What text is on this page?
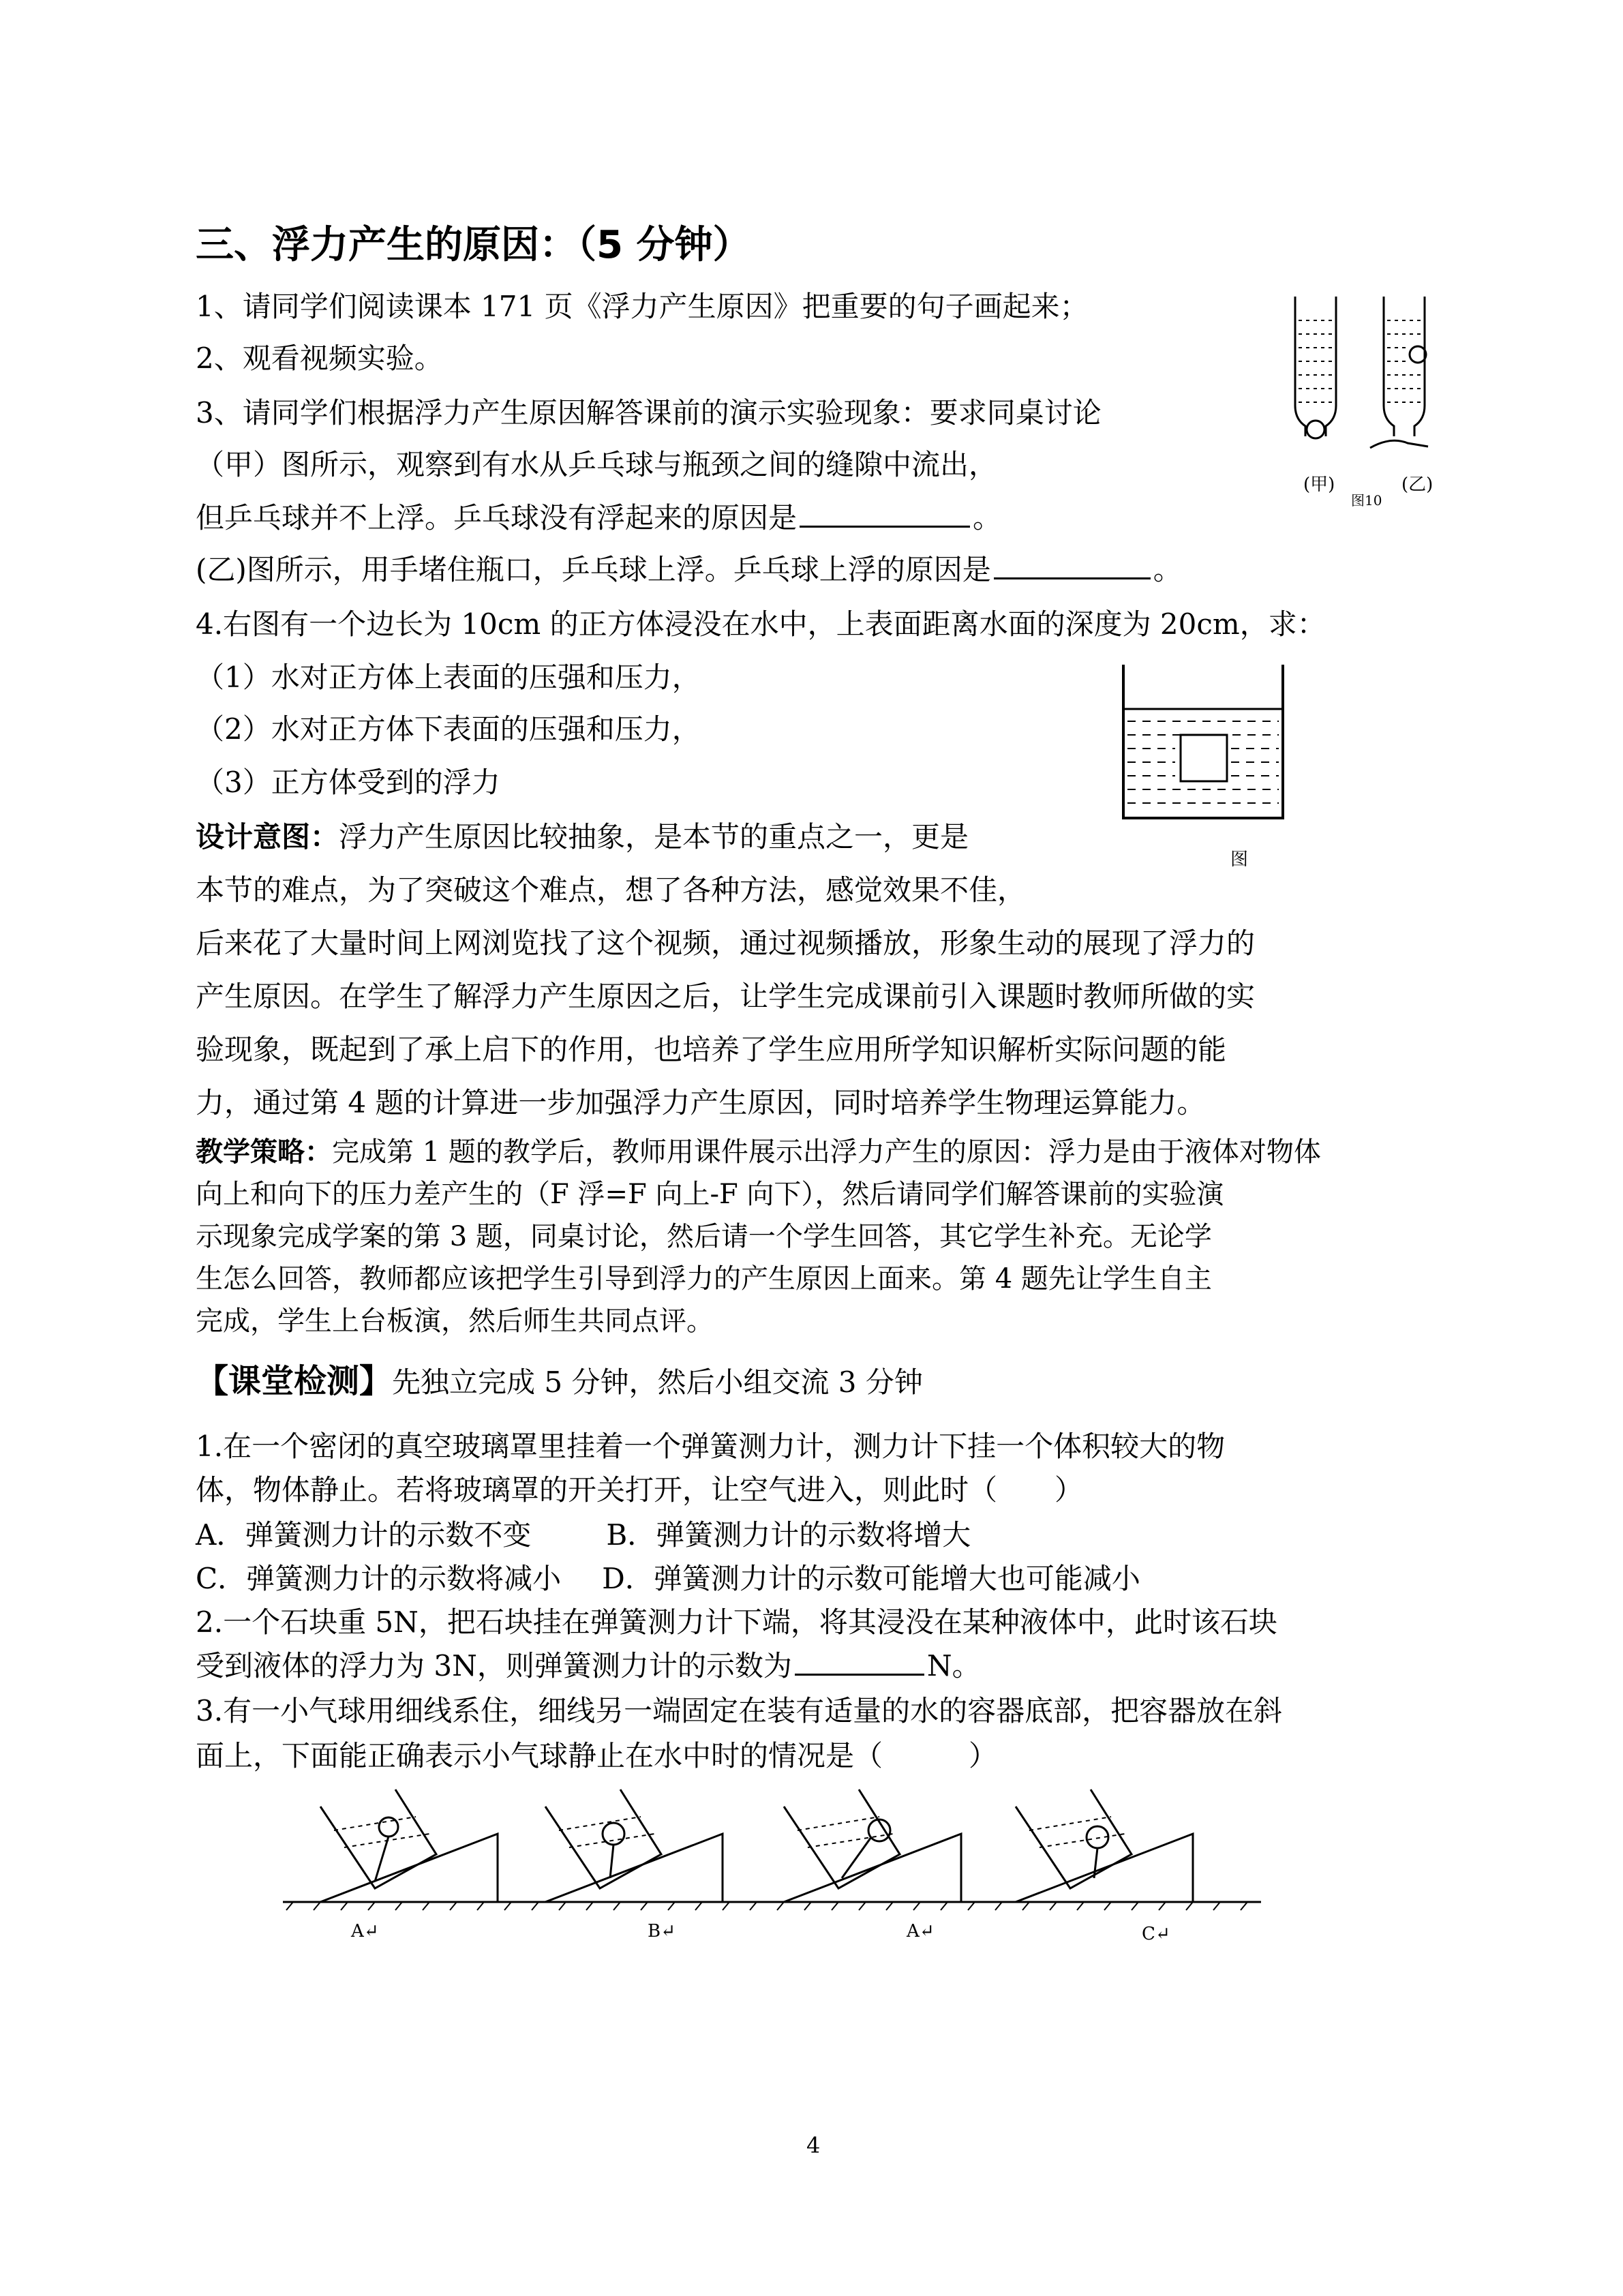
三、浮力产生的原因：（5 分钟）
1、请同学们阅读课本 171 页《浮力产生原因》把重要的句子画起来；
2、观看视频实验。
3、请同学们根据浮力产生原因解答课前的演示实验现象：要求同桌讨论
（甲）图所示，观察到有水从乒乓球与瓶颈之间的缝隙中流出，
但乒乓球并不上浮。乒乓球没有浮起来的原因是	。
(乙)图所示，用手堵住瓶口，乒乓球上浮。乒乓球上浮的原因是	。
4.右图有一个边长为 10cm 的正方体浸没在水中，上表面距离水面的深度为 20cm，求：
（1）水对正方体上表面的压强和压力，
（2）水对正方体下表面的压强和压力，
（3）正方体受到的浮力
设计意图：浮力产生原因比较抽象，是本节的重点之一，更是
本节的难点，为了突破这个难点，想了各种方法，感觉效果不佳，
后来花了大量时间上网浏览找了这个视频，通过视频播放，形象生动的展现了浮力的
产生原因。在学生了解浮力产生原因之后，让学生完成课前引入课题时教师所做的实
验现象，既起到了承上启下的作用，也培养了学生应用所学知识解析实际问题的能
力，通过第 4 题的计算进一步加强浮力产生原因，同时培养学生物理运算能力。
教学策略：完成第 1 题的教学后，教师用课件展示出浮力产生的原因：浮力是由于液体对物体
向上和向下的压力差产生的（F 浮=F 向上-F 向下），然后请同学们解答课前的实验演
示现象完成学案的第 3 题，同桌讨论，然后请一个学生回答，其它学生补充。无论学
生怎么回答，教师都应该把学生引导到浮力的产生原因上面来。第 4 题先让学生自主
完成，学生上台板演，然后师生共同点评。
【课堂检测】先独立完成 5 分钟，然后小组交流 3 分钟
1.在一个密闭的真空玻璃罩里挂着一个弹簧测力计，测力计下挂一个体积较大的物
体，物体静止。若将玻璃罩的开关打开，让空气进入，则此时（　　）
A．弹簧测力计的示数不变	B．弹簧测力计的示数将增大
C．弹簧测力计的示数将减小 D．弹簧测力计的示数可能增大也可能减小
2.一个石块重 5N，把石块挂在弹簧测力计下端，将其浸没在某种液体中，此时该石块
受到液体的浮力为 3N，则弹簧测力计的示数为	N。
3.有一小气球用细线系住，细线另一端固定在装有适量的水的容器底部，把容器放在斜
面上，下面能正确表示小气球静止在水中时的情况是（　　　）
(甲)	(乙)
图10
图
A↵	B↵	A↵	C↵
4
